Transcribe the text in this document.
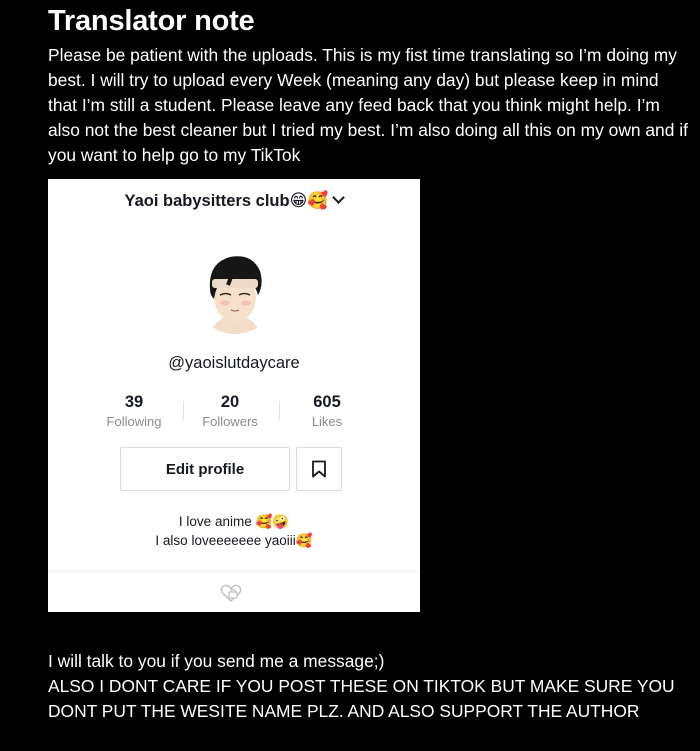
Translator note
Please be patient with the uploads. This is my fist time translating so I’m doing my best. I will try to upload every Week (meaning any day) but please keep in mind that I’m still a student. Please leave any feed back that you think might help. I’m also not the best cleaner but I tried my best. I’m also doing all this on my own and if you want to help go to my TikTok
Yaoi babysitters club😁🥰
@yaoislutdaycare
39
Following
20
Followers
605
Likes
Edit profile
I love anime 🥰🤪
I also loveeeeeee yaoiii🥰
I will talk to you if you send me a message;)
ALSO I DONT CARE IF YOU POST THESE ON TIKTOK BUT MAKE SURE YOU
DONT PUT THE WESITE NAME PLZ. AND ALSO SUPPORT THE AUTHOR
